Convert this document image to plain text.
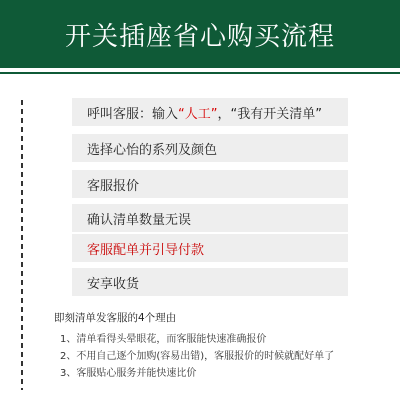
开关插座省心购买流程
呼叫客服：输入 “人工” ，“我有开关清单”
选择心怡的系列及颜色
客服报价
确认清单数量无误
客服配单并引导付款
安享收货
即刻清单发客服的4个理由
1、清单看得头晕眼花，而客服能快速准确报价
2、不用自己逐个加购(容易出错)，客服报价的时候就配好单了
3、客服贴心服务并能快速比价
